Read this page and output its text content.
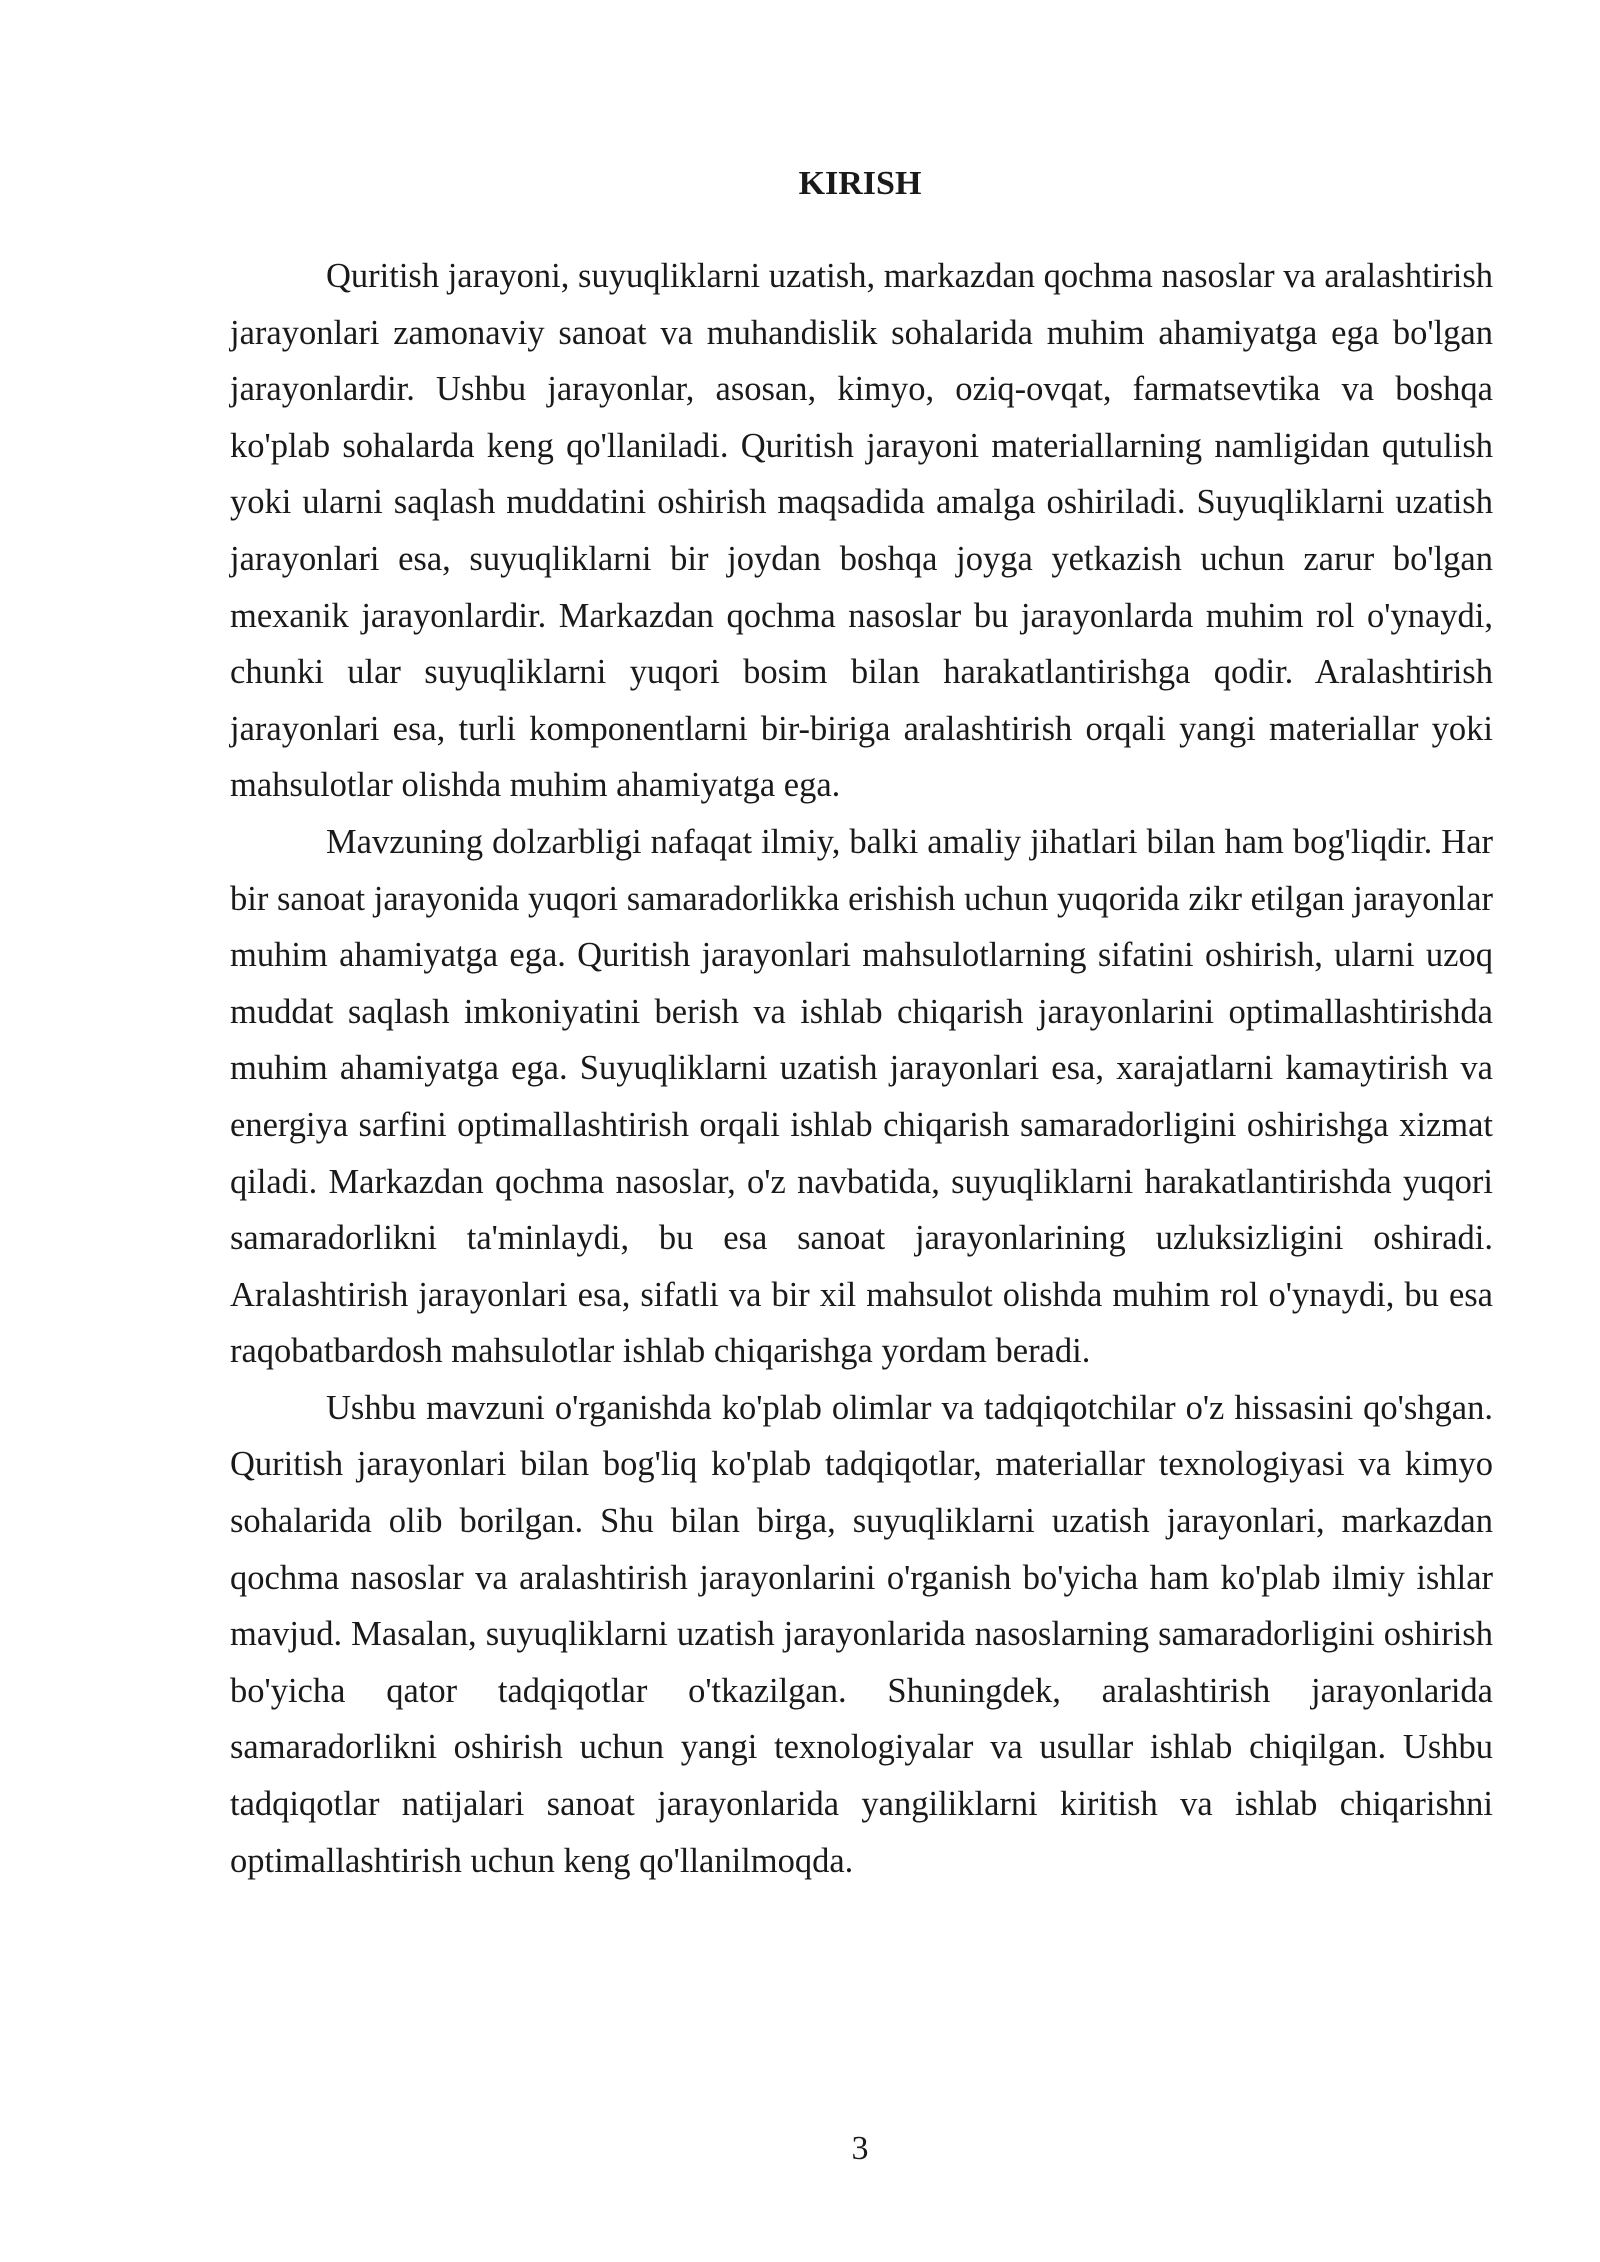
KIRISH

Quritish jarayoni, suyuqliklarni uzatish, markazdan qochma nasoslar va aralashtirish jarayonlari zamonaviy sanoat va muhandislik sohalarida muhim ahamiyatga ega bo'lgan jarayonlardir. Ushbu jarayonlar, asosan, kimyo, oziq-ovqat, farmatsevtika va boshqa ko'plab sohalarda keng qo'llaniladi. Quritish jarayoni materiallarning namligidan qutulish yoki ularni saqlash muddatini oshirish maqsadida amalga oshiriladi. Suyuqliklarni uzatish jarayonlari esa, suyuqliklarni bir joydan boshqa joyga yetkazish uchun zarur bo'lgan mexanik jarayonlardir. Markazdan qochma nasoslar bu jarayonlarda muhim rol o'ynaydi, chunki ular suyuqliklarni yuqori bosim bilan harakatlantirishga qodir. Aralashtirish jarayonlari esa, turli komponentlarni bir-biriga aralashtirish orqali yangi materiallar yoki mahsulotlar olishda muhim ahamiyatga ega.

Mavzuning dolzarbligi nafaqat ilmiy, balki amaliy jihatlari bilan ham bog'liqdir. Har bir sanoat jarayonida yuqori samaradorlikka erishish uchun yuqorida zikr etilgan jarayonlar muhim ahamiyatga ega. Quritish jarayonlari mahsulotlarning sifatini oshirish, ularni uzoq muddat saqlash imkoniyatini berish va ishlab chiqarish jarayonlarini optimallashtirishda muhim ahamiyatga ega. Suyuqliklarni uzatish jarayonlari esa, xarajatlarni kamaytirish va energiya sarfini optimallashtirish orqali ishlab chiqarish samaradorligini oshirishga xizmat qiladi. Markazdan qochma nasoslar, o'z navbatida, suyuqliklarni harakatlantirishda yuqori samaradorlikni ta'minlaydi, bu esa sanoat jarayonlarining uzluksizligini oshiradi. Aralashtirish jarayonlari esa, sifatli va bir xil mahsulot olishda muhim rol o'ynaydi, bu esa raqobatbardosh mahsulotlar ishlab chiqarishga yordam beradi.

Ushbu mavzuni o'rganishda ko'plab olimlar va tadqiqotchilar o'z hissasini qo'shgan. Quritish jarayonlari bilan bog'liq ko'plab tadqiqotlar, materiallar texnologiyasi va kimyo sohalarida olib borilgan. Shu bilan birga, suyuqliklarni uzatish jarayonlari, markazdan qochma nasoslar va aralashtirish jarayonlarini o'rganish bo'yicha ham ko'plab ilmiy ishlar mavjud. Masalan, suyuqliklarni uzatish jarayonlarida nasoslarning samaradorligini oshirish bo'yicha qator tadqiqotlar o'tkazilgan. Shuningdek, aralashtirish jarayonlarida samaradorlikni oshirish uchun yangi texnologiyalar va usullar ishlab chiqilgan. Ushbu tadqiqotlar natijalari sanoat jarayonlarida yangiliklarni kiritish va ishlab chiqarishni optimallashtirish uchun keng qo'llanilmoqda.

3
